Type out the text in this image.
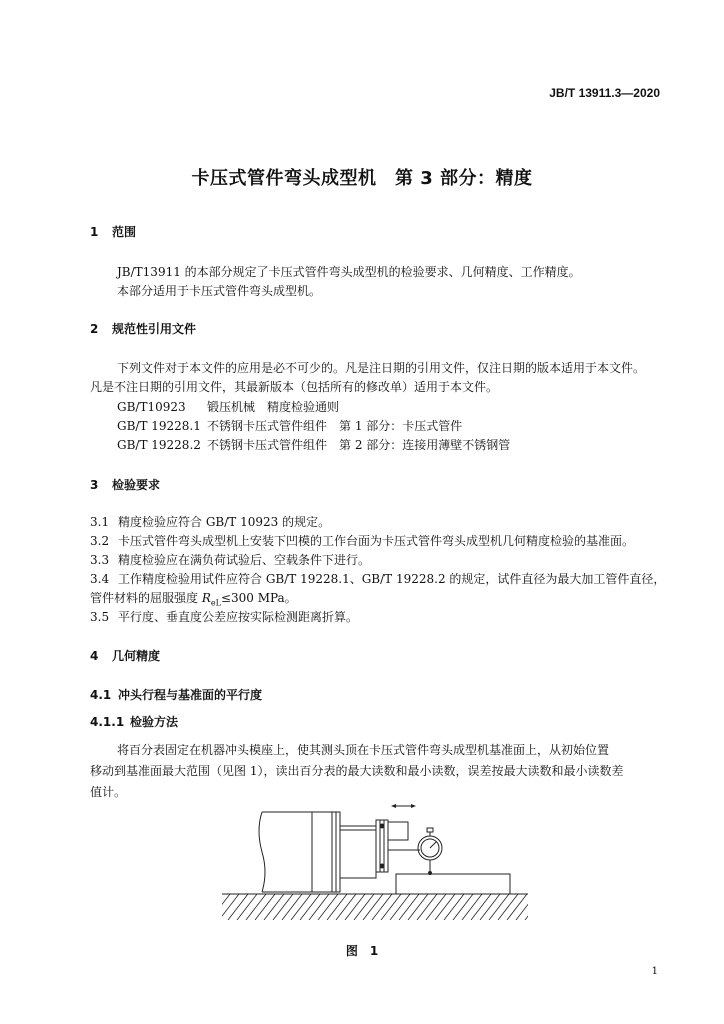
JB/T 13911.3—2020
卡压式管件弯头成型机　第 3 部分：精度
1 范围
JB/T13911 的本部分规定了卡压式管件弯头成型机的检验要求、几何精度、工作精度。
本部分适用于卡压式管件弯头成型机。
2 规范性引用文件
下列文件对于本文件的应用是必不可少的。凡是注日期的引用文件，仅注日期的版本适用于本文件。
凡是不注日期的引用文件，其最新版本（包括所有的修改单）适用于本文件。
GB/T10923 锻压机械　精度检验通则
GB/T 19228.1 不锈钢卡压式管件组件　第 1 部分：卡压式管件
GB/T 19228.2 不锈钢卡压式管件组件　第 2 部分：连接用薄壁不锈钢管
3 检验要求
3.1 精度检验应符合 GB/T 10923 的规定。
3.2 卡压式管件弯头成型机上安装下凹模的工作台面为卡压式管件弯头成型机几何精度检验的基准面。
3.3 精度检验应在满负荷试验后、空载条件下进行。
3.4 工作精度检验用试件应符合 GB/T 19228.1、GB/T 19228.2 的规定，试件直径为最大加工管件直径，
管件材料的屈服强度 $R_{eL}\le 300$ MPa。
3.5 平行度、垂直度公差应按实际检测距离折算。
4 几何精度
4.1 冲头行程与基准面的平行度
4.1.1 检验方法
将百分表固定在机器冲头模座上，使其测头顶在卡压式管件弯头成型机基准面上，从初始位置
移动到基准面最大范围（见图 1），读出百分表的最大读数和最小读数，误差按最大读数和最小读数差
值计。
图　1
1
